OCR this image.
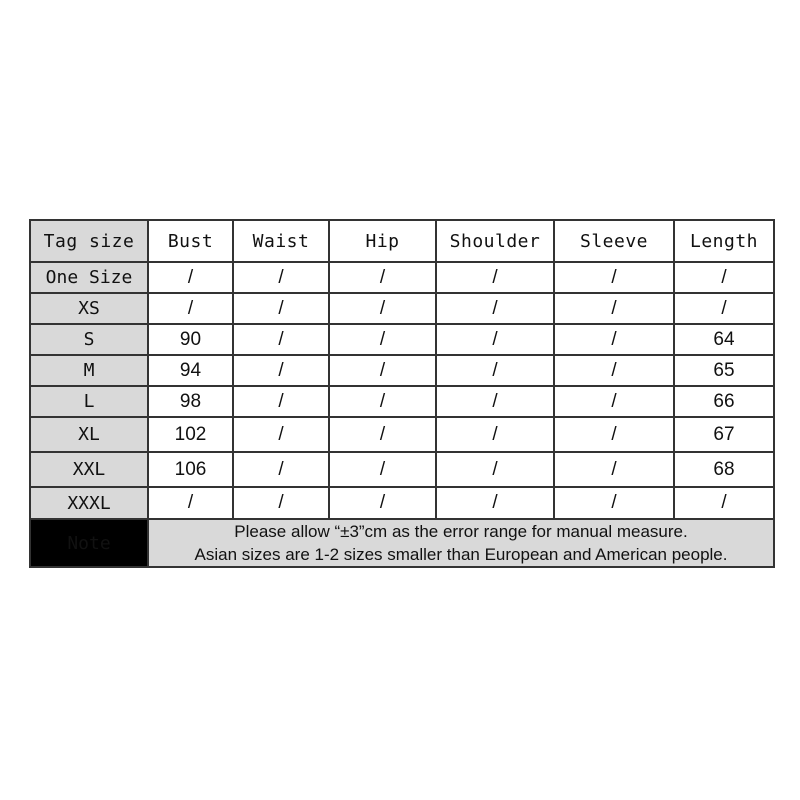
Tag size	Bust	Waist	Hip	Shoulder	Sleeve	Length
One Size	/	/	/	/	/	/
XS	/	/	/	/	/	/
S	90	/	/	/	/	64
M	94	/	/	/	/	65
L	98	/	/	/	/	66
XL	102	/	/	/	/	67
XXL	106	/	/	/	/	68
XXXL	/	/	/	/	/	/
Note	Please allow “±3”cm as the error range for manual measure.
Asian sizes are 1-2 sizes smaller than European and American people.					
